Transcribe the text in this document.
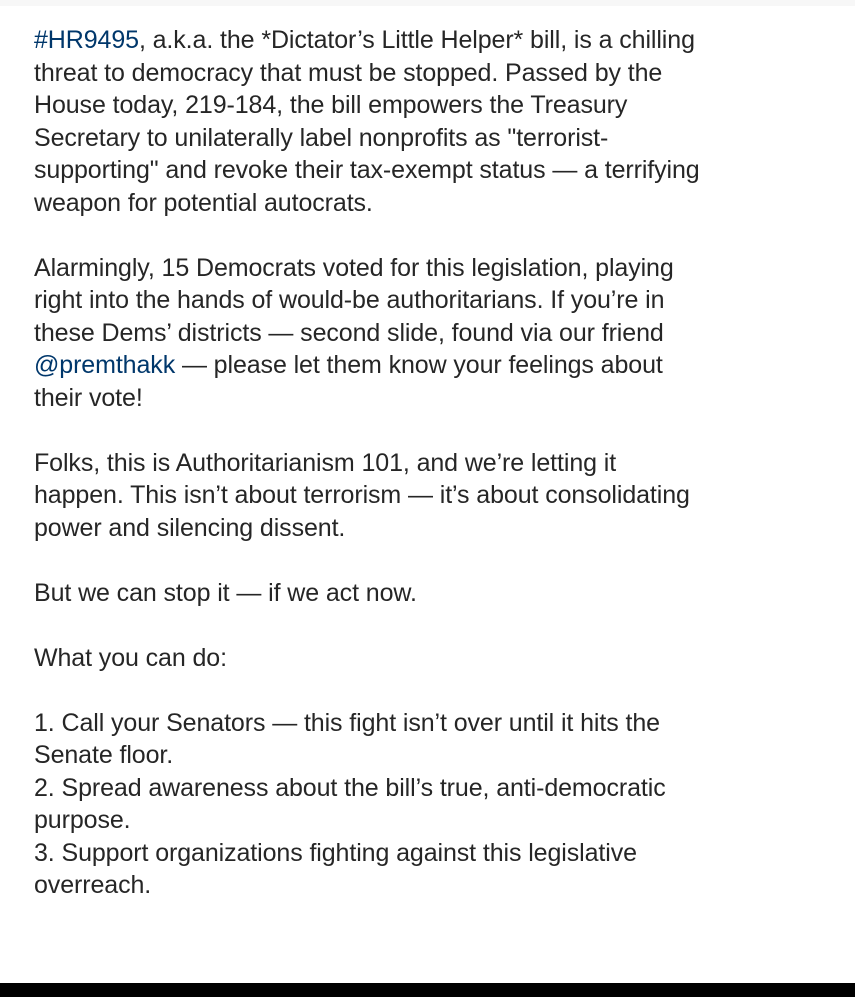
#HR9495, a.k.a. the *Dictator’s Little Helper* bill, is a chilling
threat to democracy that must be stopped. Passed by the
House today, 219-184, the bill empowers the Treasury
Secretary to unilaterally label nonprofits as "terrorist-
supporting" and revoke their tax-exempt status — a terrifying
weapon for potential autocrats.

Alarmingly, 15 Democrats voted for this legislation, playing
right into the hands of would-be authoritarians. If you’re in
these Dems’ districts — second slide, found via our friend
@premthakk — please let them know your feelings about
their vote!

Folks, this is Authoritarianism 101, and we’re letting it
happen. This isn’t about terrorism — it’s about consolidating
power and silencing dissent.

But we can stop it — if we act now.

What you can do:

1. Call your Senators — this fight isn’t over until it hits the
Senate floor.

2. Spread awareness about the bill’s true, anti-democratic
purpose.

3. Support organizations fighting against this legislative
overreach.
